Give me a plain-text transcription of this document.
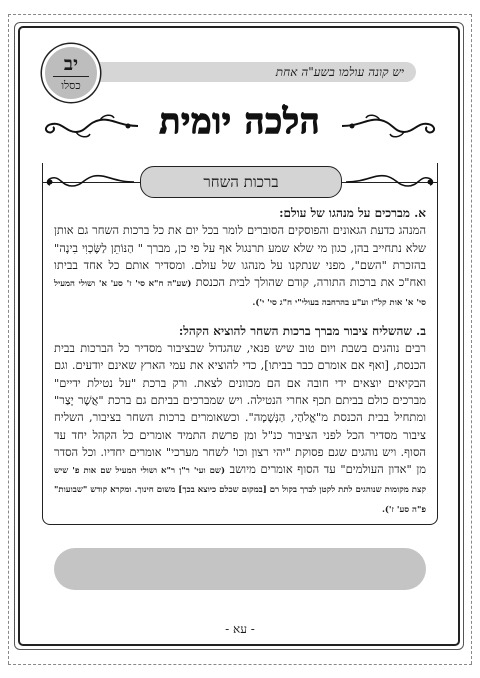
יש קונה עולמו בשע"ה אחת
יב
כסלו
הלכה יומית
ברכות השחר

א. מברכים על מנהגו של עולם:

המנהג כדעת הגאונים והפוסקים הסוברים לומר בכל יום את כל ברכות השחר גם אותן שלא נתחייב בהן, כגון מי שלא שמע תרנגול אף על פי כן, מברך " הַנּוֹתֵן לַשֶּׂכְוִי בִינָה" בהזכרת "השם", מפני שנתקנו על מנהגו של עולם. ומסדיר אותם כל אחד בביתו ואח"כ את ברכות התורה, קודם שהולך לבית הכנסת (שע"ה ח"א סי' ז' סע' א' ושולי המעיל סי' א' אות קל"ז וע"ע בהרחבה בעולי"י ח"ג סי' י').

ב. שהשליח ציבור מברך ברכות השחר להוציא הקהל:

רבים נוהגים בשבת ויום טוב שיש פנאי, שהגדול שבציבור מסדיר כל הברכות בבית הכנסת, [ואף אם אומרם כבר בביתו], כדי להוציא את עמי הארץ שאינם יודעים. וגם הבקיאים יוצאים ידי חובה אם הם מכוונים לצאת. ורק ברכת "על נטילת ידיים" מברכים כולם בביתם תכף אחרי הנטילה. ויש שמברכים בביתם גם ברכת "אֲשֶׁר יָצַר" ומתחיל בבית הכנסת מ"אֱלֹהַי, הַנְּשָׁמָה". וכשאומרים ברכות השחר בציבור, השליח ציבור מסדיר הכל לפני הציבור כנ"ל ומן פרשת התמיד אומרים כל הקהל יחד עד הסוף. ויש נוהגים שגם פסוקת "יהי רצון וכו' לשחר מערכי" אומרים יחדיו. וכל הסדר מן "אדון העולמים" עד הסוף אומרים מיושב (שם ועי' ר"ן ר"א ושולי המעיל שם אות פ' שיש קצת מקומות שנוהגים לתת לקטן לברך בקול רם [במקום שכלם כיוצא בכך] משום חינוך. ומקרא קודש "שבועות" פ"ה סע' ז').

- עא -
